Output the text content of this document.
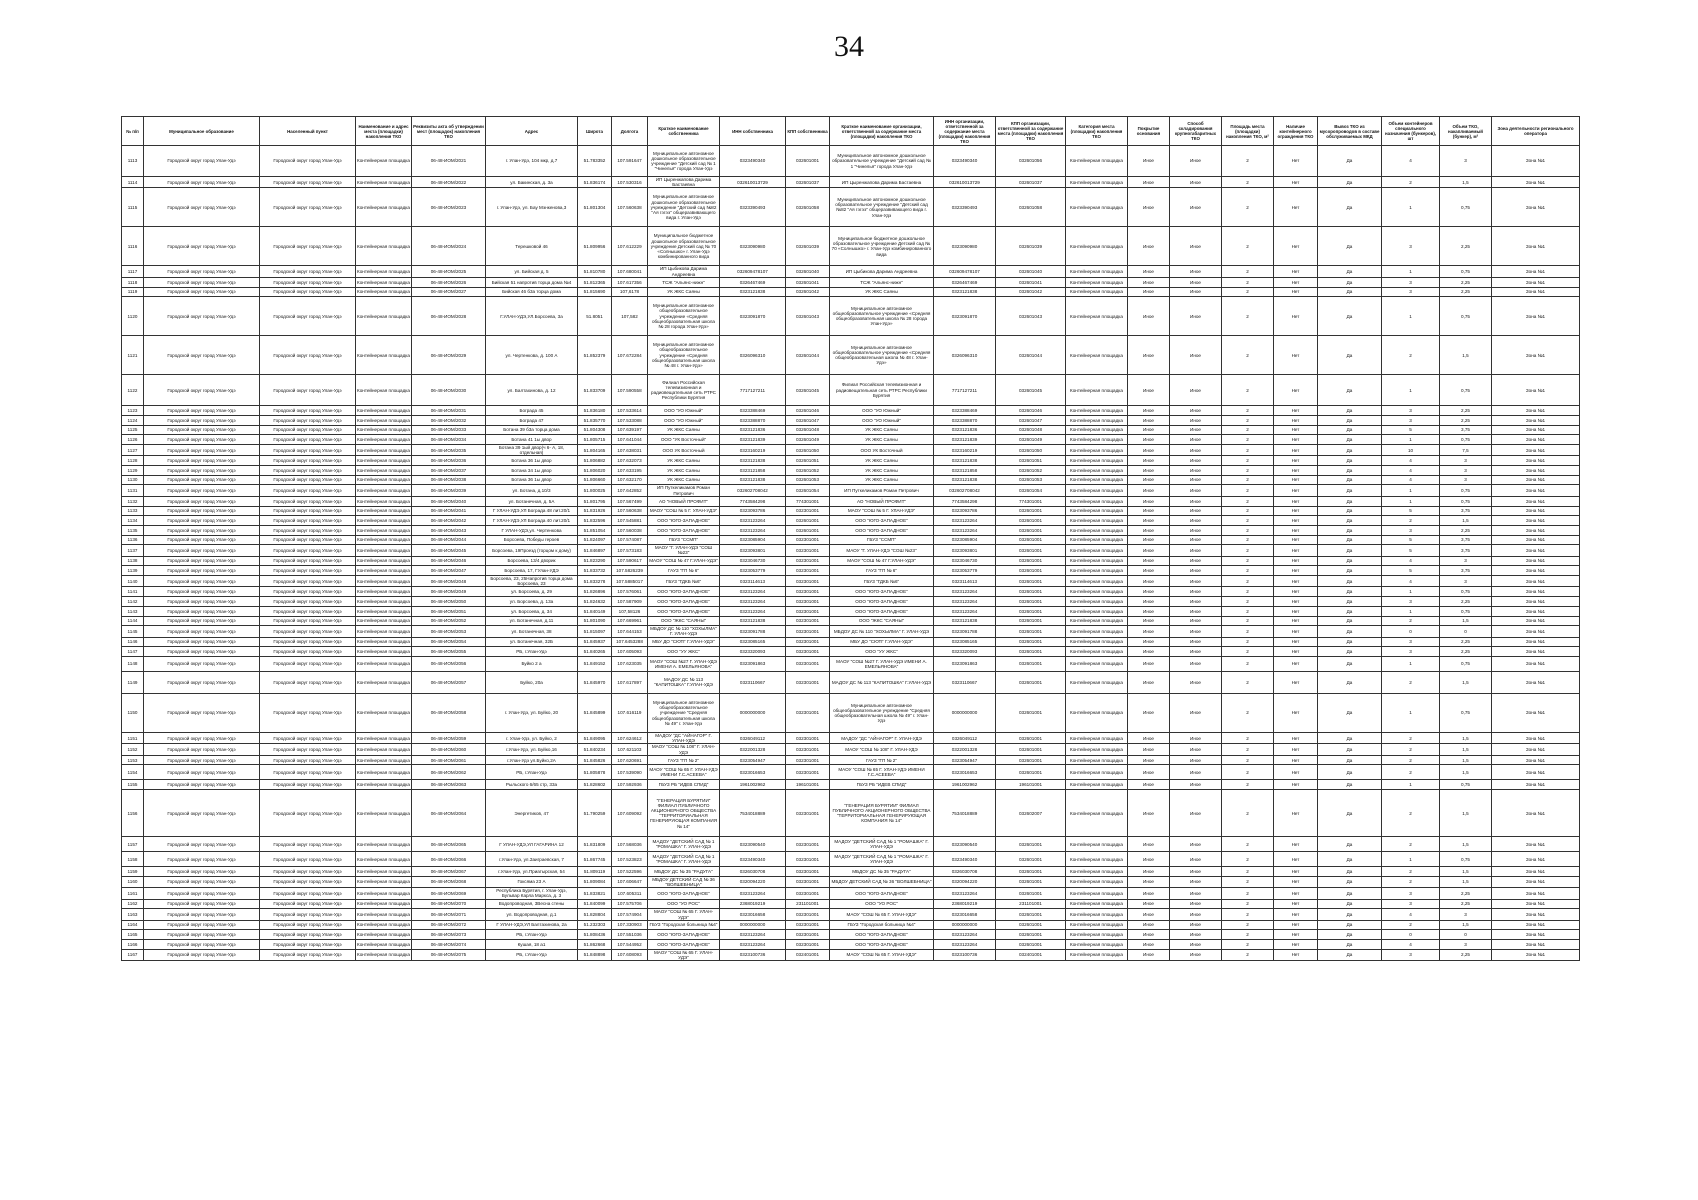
34
№ п/п	Муниципальное образование	Населенный пункт	Наименование и адрес места (площадки) накопления ТКО	Реквизиты акта об утверждении мест (площадок) накопления ТКО	Адрес	Широта	Долгота	Краткое наименование собственника	ИНН собственника	КПП собственника	Краткое наименование организации, ответственной за содержание места (площадки) накопления ТКО	ИНН организации, ответственной за содержание места (площадки) накопления ТКО	КПП организации, ответственной за содержание места (площадки) накопления ТКО	Категория места (площадки) накопления ТКО	Покрытие основания	Способ складирования крупногабаритных ТКО	Площадь места (площадки) накопления ТКО, м²	Наличие контейнерного ограждения ТКО	Вывоз ТКО из мусоропроводов в составе обслуживаемых МКД	Объем контейнеров специального назначения (бункеров), шт	Объем ТКО, накапливаемый (бункер), м³	Зона деятельности регионального оператора
1113	Городской округ город Улан-Удэ	Городской округ город Улан-Удэ	Контейнерная площадка	06-48-ИОМ/2021	г. Улан-Удэ, 104 мкр, д.7	51.783352	107.591647	Муниципальное автономное дошкольное образовательное учреждение "Детский сад № 1 "Чинелья" города Улан-Удэ	0323490340	032601001	Муниципальное автономное дошкольное образовательное учреждение "Детский сад № 1 "Чинелья" города Улан-Удэ	0323490340	032601056	Контейнерная площадка	Иное	Иное	2	Нет	Да	4	3	Зона №1
1114	Городской округ город Улан-Удэ	Городской округ город Улан-Удэ	Контейнерная площадка	06-48-ИОМ/2022	ул. Бакинская, д. 3а	51.836174	107.530316	ИП Цыренжапова Дарима Бастаевна	032610013729	032601037	ИП Цыренжапова Дарима Бастаевна	032610013729	032601037	Контейнерная площадка	Иное	Иное	2	Нет	Да	2	1,5	Зона №1
1115	Городской округ город Улан-Удэ	Городской округ город Улан-Удэ	Контейнерная площадка	06-48-ИОМ/2023	г. Улан-Удэ, ул. Бау Мэнкенова,3	51.801304	107.560638	Муниципальное автономное дошкольное образовательное учреждение "Детский сад №82 "Ая гэгээ" общеразвивающего вида г. Улан-Удэ	0323390493	032601058	Муниципальное автономное дошкольное образовательное учреждение "Детский сад №82 "Ая гэгээ" общеразвивающего вида г. Улан-Удэ	0323390493	032601058	Контейнерная площадка	Иное	Иное	2	Нет	Да	1	0,75	Зона №1
1116	Городской округ город Улан-Удэ	Городской округ город Улан-Удэ	Контейнерная площадка	06-48-ИОМ/2024	Терешковой 46	51.809956	107.612229	Муниципальное бюджетное дошкольное образовательное учреждение Детский сад № 70 «Солнышко» г. Улан-Удэ комбинированного вида	0323090980	032601039	Муниципальное бюджетное дошкольное образовательное учреждение Детский сад № 70 «Солнышко» г. Улан-Удэ комбинированного вида	0323090980	032601039	Контейнерная площадка	Иное	Иное	2	Нет	Да	3	2,25	Зона №1
1117	Городской округ город Улан-Удэ	Городской округ город Улан-Удэ	Контейнерная площадка	06-48-ИОМ/2025	ул. Бийская д. 5	51.810780	107.680041	ИП Цыбикова Дарима Андреевна	032609478107	032601040	ИП Цыбикова Дарима Андреевна	032609478107	032601040	Контейнерная площадка	Иное	Иное	2	Нет	Да	1	0,75	Зона №1
1118	Городской округ город Улан-Удэ	Городской округ город Улан-Удэ	Контейнерная площадка	06-48-ИОМ/2026	Бийская 51 напротив торца дома №4	51.812365	107.617356	ТСЖ "Альянс-нижн"	0326467469	032601041	ТСЖ "Альянс-нижн"	0326467469	032601041	Контейнерная площадка	Иное	Иное	2	Нет	Да	3	2,25	Зона №1
1119	Городской округ город Улан-Удэ	Городской округ город Улан-Удэ	Контейнерная площадка	06-48-ИОМ/2027	Бийская 46 б3а торца дома	51.815690	107,6178	УК ЖКС Саяны	0323121838	032601042	УК ЖКС Саяны	0323121838	032601042	Контейнерная площадка	Иное	Иное	2	Нет	Да	3	2,25	Зона №1
1120	Городской округ город Улан-Удэ	Городской округ город Улан-Удэ	Контейнерная площадка	06-48-ИОМ/2028	Г.УЛАН-УДЭ,УЛ.Борсоева, 3а	51.8051	107,582	Муниципальное автономное общеобразовательное учреждение «Средняя общеобразовательная школа № 28 города Улан-Удэ»	0323091870	032601043	Муниципальное автономное общеобразовательное учреждение «Средняя общеобразовательная школа № 28 города Улан-Удэ»	0323091870	032601043	Контейнерная площадка	Иное	Иное	2	Нет	Да	1	0,75	Зона №1
1121	Городской округ город Улан-Удэ	Городской округ город Улан-Удэ	Контейнерная площадка	06-48-ИОМ/2029	ул. Чертенкова, д. 100 А	51.852379	107.672284	Муниципальное автономное общеобразовательное учреждение «Средняя общеобразовательная школа № 48 г. Улан-Удэ»	0326096310	032601044	Муниципальное автономное общеобразовательное учреждение «Средняя общеобразовательная школа № 48 г. Улан-Удэ»	0326096310	032601044	Контейнерная площадка	Иное	Иное	2	Нет	Да	2	1,5	Зона №1
1122	Городской округ город Улан-Удэ	Городской округ город Улан-Удэ	Контейнерная площадка	06-48-ИОМ/2030	ул. Балтахинова, д. 12	51.833709	107.590558	Филиал Российская телевизионная и радиовещательная сеть РТРС Республики Бурятия	7717127211	032601045	Филиал Российская телевизионная и радиовещательная сеть РТРС Республики Бурятия	7717127211	032601045	Контейнерная площадка	Иное	Иное	2	Нет	Да	1	0,75	Зона №1
1123	Городской округ город Улан-Удэ	Городской округ город Улан-Удэ	Контейнерная площадка	06-48-ИОМ/2031	Бограда 45	51.836180	107.533614	ООО "УО Южный"	0323388469	032601046	ООО "УО Южный"	0323388469	032601046	Контейнерная площадка	Иное	Иное	2	Нет	Да	3	2,25	Зона №1
1124	Городской округ город Улан-Удэ	Городской округ город Улан-Удэ	Контейнерная площадка	06-48-ИОМ/2032	Бограда 47	51.835770	107.533088	ООО "УО Южный"	0323388870	032601047	ООО "УО Южный"	0323388870	032601047	Контейнерная площадка	Иное	Иное	2	Нет	Да	3	2,25	Зона №1
1125	Городской округ город Улан-Удэ	Городской округ город Улан-Удэ	Контейнерная площадка	06-48-ИОМ/2033	Ботана 39 б3а торца дома	51.804308	107.639197	УК ЖКС Саяны	0323121836	032601048	УК ЖКС Саяны	0323121836	032601048	Контейнерная площадка	Иное	Иное	2	Нет	Да	5	3,75	Зона №1
1126	Городской округ город Улан-Удэ	Городской округ город Улан-Удэ	Контейнерная площадка	06-48-ИОМ/2034	Ботана 41 1ы двор	51.805715	107.641044	ООО "УК Восточный"	0323121839	032601049	УК ЖКС Саяны	0323121839	032601049	Контейнерная площадка	Иное	Иное	2	Нет	Да	1	0,75	Зона №1
1127	Городской округ город Улан-Удэ	Городской округ город Улан-Удэ	Контейнерная площадка	06-48-ИОМ/2035	Ботана 39 1ый двор(ч 6- А, 18, отдельная)	51.804165	107.638031	ООО УК Восточный	0323160219	032601050	ООО УК Восточный	0323160219	032601050	Контейнерная площадка	Иное	Иное	2	Нет	Да	10	7,5	Зона №1
1128	Городской округ город Улан-Удэ	Городской округ город Улан-Удэ	Контейнерная площадка	06-48-ИОМ/2036	Ботана 36 1ы двор	51.806882	107.632073	УК ЖКС Саяны	0323121838	032601051	УК ЖКС Саяны	0323121838	032601051	Контейнерная площадка	Иное	Иное	2	Нет	Да	4	3	Зона №1
1129	Городской округ город Улан-Удэ	Городской округ город Улан-Удэ	Контейнерная площадка	06-48-ИОМ/2037	Ботана 34 1ы двор	51.806020	107.633195	УК ЖКС Саяны	0323121858	032601052	УК ЖКС Саяны	0323121858	032601052	Контейнерная площадка	Иное	Иное	2	Нет	Да	4	3	Зона №1
1130	Городской округ город Улан-Удэ	Городской округ город Улан-Удэ	Контейнерная площадка	06-48-ИОМ/2038	Ботана 36 1ы двор	51.806660	107.632170	УК ЖКС Саяны	0323121838	032601053	УК ЖКС Саяны	0323121838	032601053	Контейнерная площадка	Иное	Иное	2	Нет	Да	4	3	Зона №1
1131	Городской округ город Улан-Удэ	Городской округ город Улан-Удэ	Контейнерная площадка	06-48-ИОМ/2039	ул. Ботана, д.10/3	51.800025	107.642852	ИП Путкеликамов Роман Петрович	032602708042	032601054	ИП Путкеликамов Роман Петрович	032602708042	032601054	Контейнерная площадка	Иное	Иное	2	Нет	Да	1	0,75	Зона №1
1132	Городской округ город Улан-Удэ	Городской округ город Улан-Удэ	Контейнерная площадка	06-48-ИОМ/2040	ул. Ботанечная, д. 5А	51.801795	107.567499	АО "НОВЫЙ ПРОФИТ"	7743584298	774301001	АО "НОВЫЙ ПРОФИТ"	7743584298	774301001	Контейнерная площадка	Иное	Иное	2	Нет	Да	1	0,75	Зона №1
1133	Городской округ город Улан-Удэ	Городской округ город Улан-Удэ	Контейнерная площадка	06-48-ИОМ/2041	Г УЛАН-УДЭ,УЛ Бограда 48 лит.20/1	51.831926	107.560638	МАОУ "СОШ № 5 Г. УЛАН-УДЭ"	0323093786	032301001	МАОУ "СОШ № 5 Г. УЛАН-УДЭ"	0323093786	032601001	Контейнерная площадка	Иное	Иное	2	Нет	Да	5	3,75	Зона №1
1134	Городской округ город Улан-Удэ	Городской округ город Улан-Удэ	Контейнерная площадка	06-48-ИОМ/2042	Г УЛАН-УДЭ,УЛ Бограда 40 лит.20/1	51.832596	107.545881	ООО "ЮГО-ЗАПАДНОЕ"	0323123264	032601001	ООО "ЮГО-ЗАПАДНОЕ"	0323123264	032601001	Контейнерная площадка	Иное	Иное	2	Нет	Да	2	1,5	Зона №1
1135	Городской округ город Улан-Удэ	Городской округ город Улан-Удэ	Контейнерная площадка	06-48-ИОМ/2043	Г УЛАН-УДЭ,ул. Чертенкова	51.851054	107.560038	ООО "ЮГО-ЗАПАДНОЕ"	0323123264	032601001	ООО "ЮГО-ЗАПАДНОЕ"	0323123264	032601001	Контейнерная площадка	Иное	Иное	2	Нет	Да	3	2,25	Зона №1
1136	Городской округ город Улан-Удэ	Городской округ город Улан-Удэ	Контейнерная площадка	06-48-ИОМ/2044	Борсоева, Победы героев	51.824097	107.574087	ГБУЗ "ССМП"	0323085904	032301001	ГБУЗ "ССМП"	0323085904	032601001	Контейнерная площадка	Иное	Иное	2	Нет	Да	5	3,75	Зона №1
1137	Городской округ город Улан-Удэ	Городской округ город Улан-Удэ	Контейнерная площадка	06-48-ИОМ/2045	Борсоева, 19Проезд (торцом к дому)	51.846897	107.573183	МАОУ "Г. УЛАН-УДЭ "СОШ №23"	0323093801	032301001	МАОУ "Г. УЛАН-УДЭ "СОШ №23"	0323093801	032601001	Контейнерная площадка	Иное	Иное	2	Нет	Да	5	3,75	Зона №1
1138	Городской округ город Улан-Удэ	Городской округ город Улан-Удэ	Контейнерная площадка	06-48-ИОМ/2046	Борсоева, 13/4 дворик	51.823290	107.590617	МАОУ "СОШ № 47 Г.УЛАН-УДЭ"	0323046730	032301001	МАОУ "СОШ № 47 Г.УЛАН-УДЭ"	0323046730	032601001	Контейнерная площадка	Иное	Иное	2	Нет	Да	4	3	Зона №1
1139	Городской округ город Улан-Удэ	Городской округ город Улан-Удэ	Контейнерная площадка	06-48-ИОМ/2047	Борсоева, 17, ГУлан-УДЭ	51.833732	107.5826239	ГАУЗ "ГП № 6"	0323053779	032301001	ГАУЗ "ГП № 6"	0323053779	032601001	Контейнерная площадка	Иное	Иное	2	Нет	Да	5	3,75	Зона №1
1140	Городской округ город Улан-Удэ	Городской округ город Улан-Удэ	Контейнерная площадка	06-48-ИОМ/2048	Борсоева, 23, 25Напротив торца дома Борсоева, 23	51.833278	107.5885017	ГБУЗ "ГДКБ №6"	0323114613	032301001	ГБУЗ "ГДКБ №6"	0323114613	032601001	Контейнерная площадка	Иное	Иное	2	Нет	Да	4	3	Зона №1
1141	Городской округ город Улан-Удэ	Городской округ город Улан-Удэ	Контейнерная площадка	06-48-ИОМ/2049	ул. Борсоева, д. 29	51.826896	107.576061	ООО "ЮГО-ЗАПАДНОЕ"	0323123264	032301001	ООО "ЮГО-ЗАПАДНОЕ"	0323123264	032601001	Контейнерная площадка	Иное	Иное	2	Нет	Да	1	0,75	Зона №1
1142	Городской округ город Улан-Удэ	Городской округ город Улан-Удэ	Контейнерная площадка	06-48-ИОМ/2050	ул. Борсоева, д. 13а	51.824632	107.587909	ООО "ЮГО-ЗАПАДНОЕ"	0323123264	032301001	ООО "ЮГО-ЗАПАДНОЕ"	0323123264	032601001	Контейнерная площадка	Иное	Иное	2	Нет	Да	3	2,25	Зона №1
1143	Городской округ город Улан-Удэ	Городской округ город Улан-Удэ	Контейнерная площадка	06-48-ИОМ/2051	ул. Борсоева, д. 34	51.840149	107,58126	ООО "ЮГО-ЗАПАДНОЕ"	0323123264	032301001	ООО "ЮГО-ЗАПАДНОЕ"	0323123264	032601001	Контейнерная площадка	Иное	Иное	2	Нет	Да	1	0,75	Зона №1
1144	Городской округ город Улан-Удэ	Городской округ город Улан-Удэ	Контейнерная площадка	06-48-ИОМ/2052	ул. Ботанечная, д.11	51.801090	107.669961	ООО "ЖКС "САЯНЫ"	0323121838	032301001	ООО "ЖКС "САЯНЫ"	0323121838	032601001	Контейнерная площадка	Иное	Иное	2	Нет	Да	2	1,5	Зона №1
1145	Городской округ город Улан-Удэ	Городской округ город Улан-Удэ	Контейнерная площадка	06-48-ИОМ/2053	ул. Ботанечная, 38	51.815097	107.644153	МБДОУ ДС № 110 "ХОХЫЛМА" Г. УЛАН-УДЭ	0323091788	032301001	МБДОУ ДС № 110 "ХОХЫЛМА" Г. УЛАН-УДЭ	0323091788	032601001	Контейнерная площадка	Иное	Иное	2	Нет	Да	0	0	Зона №1
1146	Городской округ город Улан-Удэ	Городской округ город Улан-Удэ	Контейнерная площадка	06-48-ИОМ/2054	ул. Ботанечная, 32Б	51.845937	107.6453288	МБУ ДО "СЮТГ Г.УЛАН-УДЭ"	0323085165	032301001	МБУ ДО "СЮТГ Г.УЛАН-УДЭ"	0323085165	032601001	Контейнерная площадка	Иное	Иное	2	Нет	Да	3	2,25	Зона №1
1147	Городской округ город Улан-Удэ	Городской округ город Улан-Удэ	Контейнерная площадка	06-48-ИОМ/2055	РБ, г.Улан-Удэ	51.840265	107.605093	ООО "УУ ЖКС"	0323320093	032301001	ООО "УУ ЖКС"	0323320093	032601001	Контейнерная площадка	Иное	Иное	2	Нет	Да	3	2,25	Зона №1
1148	Городской округ город Улан-Удэ	Городской округ город Улан-Удэ	Контейнерная площадка	06-48-ИОМ/2056	Буйко 2 а	51.849152	107.623035	МАОУ "СОШ №27 Г. УЛАН-УДЭ ИМЕНИ А. ЕМЕЛЬЯНОВА"	0323091863	032301001	МАОУ "СОШ №27 Г. УЛАН-УДЭ ИМЕНИ А. ЕМЕЛЬЯНОВА"	0323091863	032601001	Контейнерная площадка	Иное	Иное	2	Нет	Да	1	0,75	Зона №1
1149	Городской округ город Улан-Удэ	Городской округ город Улан-Удэ	Контейнерная площадка	06-48-ИОМ/2057	Буйко, 20а	51.845970	107.617897	МАДОУ ДС № 113 "КАПИТОШКА" Г.УЛАН-УДЭ	0323110667	032301001	МАДОУ ДС № 113 "КАПИТОШКА" Г.УЛАН-УДЭ	0323110667	032601001	Контейнерная площадка	Иное	Иное	2	Нет	Да	2	1,5	Зона №1
1150	Городской округ город Улан-Удэ	Городской округ город Улан-Удэ	Контейнерная площадка	06-48-ИОМ/2058	г. Улан-Удэ, ул. Буйко, 20	51.845899	107.616119	Муниципальное автономное общеобразовательное учреждение "Средняя общеобразовательная школа № 49" г. Улан-Удэ	0000000000	032301001	Муниципальное автономное общеобразовательное учреждение "Средняя общеобразовательная школа № 49" г. Улан-Удэ	0000000000	032601001	Контейнерная площадка	Иное	Иное	2	Нет	Да	1	0,75	Зона №1
1151	Городской округ город Улан-Удэ	Городской округ город Улан-Удэ	Контейнерная площадка	06-48-ИОМ/2059	г. Улан-Удэ, ул. Буйко, 2	51.849095	107.624612	МАДОУ "ДС "АЙНАГОР" Г. УЛАН-УДЭ	0326049112	032301001	МАДОУ "ДС "АЙНАГОР" Г. УЛАН-УДЭ	0326049112	032601001	Контейнерная площадка	Иное	Иное	2	Нет	Да	2	1,5	Зона №1
1152	Городской округ город Улан-Удэ	Городской округ город Улан-Удэ	Контейнерная площадка	06-48-ИОМ/2060	г.Улан-Удэ, ул. Буйко,16	51.840234	107.621103	МАОУ "СОШ № 108" Г. УЛАН-УДЭ	0322001328	032301001	МАОУ "СОШ № 108" Г. УЛАН-УДЭ	0322001328	032601001	Контейнерная площадка	Иное	Иное	2	Нет	Да	2	1,5	Зона №1
1153	Городской округ город Улан-Удэ	Городской округ город Улан-Удэ	Контейнерная площадка	06-48-ИОМ/2061	г.Улан-Удэ ул.Буйко,2А	51.845826	107.620691	ГАУЗ "ГП № 2"	0323054947	032301001	ГАУЗ "ГП № 2"	0323054947	032601001	Контейнерная площадка	Иное	Иное	2	Нет	Да	2	1,5	Зона №1
1154	Городской округ город Улан-Удэ	Городской округ город Улан-Удэ	Контейнерная площадка	06-48-ИОМ/2062	РБ, г.Улан-Удэ	51.805878	107.539090	МАОУ "СОШ № 65 Г. УЛАН-УДЭ ИМЕНИ Г.С.АСЕЕВА"	0323016653	032301001	МАОУ "СОШ № 65 Г. УЛАН-УДЭ ИМЕНИ Г.С.АСЕЕВА"	0323016653	032601001	Контейнерная площадка	Иное	Иное	2	Нет	Да	2	1,5	Зона №1
1155	Городской округ город Улан-Удэ	Городской округ город Улан-Удэ	Контейнерная площадка	06-48-ИОМ/2063	Рыльского 6/65 стр, 33а	51.828602	107.592936	ГБУЗ РБ "ИДЕВ СПИД"	1961002962	196101001	ГБУЗ РБ "ИДЕВ СПИД"	1961002962	196101001	Контейнерная площадка	Иное	Иное	2	Нет	Да	1	0,75	Зона №1
1156	Городской округ город Улан-Удэ	Городской округ город Улан-Удэ	Контейнерная площадка	06-48-ИОМ/2064	Энергетиков, 47	51.790259	107.609092	"ГЕНЕРАЦИЯ БУРЯТИИ" ФИЛИАЛ ПУБЛИЧНОГО АКЦИОНЕРНОГО ОБЩЕСТВА "ТЕРРИТОРИАЛЬНАЯ ГЕНЕРИРУЮЩАЯ КОМПАНИЯ № 14"	7534018889	032301001	"ГЕНЕРАЦИЯ БУРЯТИИ" ФИЛИАЛ ПУБЛИЧНОГО АКЦИОНЕРНОГО ОБЩЕСТВА "ТЕРРИТОРИАЛЬНАЯ ГЕНЕРИРУЮЩАЯ КОМПАНИЯ № 14"	7534018889	032602007	Контейнерная площадка	Иное	Иное	2	Нет	Да	2	1,5	Зона №1
1157	Городской округ город Улан-Удэ	Городской округ город Улан-Удэ	Контейнерная площадка	06-48-ИОМ/2065	Г УЛАН-УДЭ,УЛ ГАГАРИНА 12	51.831809	107.568036	МАДОУ "ДЕТСКИЙ САД № 1 "РОМАШКА" Г. УЛАН-УДЭ	0323090540	032301001	МАДОУ "ДЕТСКИЙ САД № 1 "РОМАШКА" Г. УЛАН-УДЭ	0323090540	032601001	Контейнерная площадка	Иное	Иное	2	Нет	Да	2	1,5	Зона №1
1158	Городской округ город Улан-Удэ	Городской округ город Улан-Удэ	Контейнерная площадка	06-48-ИОМ/2066	г.Улан-Удэ, ул.Заиграевская, 7	51.867745	107.523823	МАДОУ "ДЕТСКИЙ САД № 1 "РОМАШКА" Г. УЛАН-УДЭ	0323490340	032301001	МАДОУ "ДЕТСКИЙ САД № 1 "РОМАШКА" Г. УЛАН-УДЭ	0323490340	032601001	Контейнерная площадка	Иное	Иное	2	Нет	Да	1	0,75	Зона №1
1159	Городской округ город Улан-Удэ	Городской округ город Улан-Удэ	Контейнерная площадка	06-48-ИОМ/2067	г.Улан-Удэ, ул.Приатырская, 54	51.809119	107.522596	МБДОУ ДС № 35 "РАДУГА"	0326030708	032301001	МБДОУ ДС № 35 "РАДУГА"	0326030708	032601001	Контейнерная площадка	Иное	Иное	2	Нет	Да	2	1,5	Зона №1
1160	Городской округ город Улан-Удэ	Городской округ город Улан-Удэ	Контейнерная площадка	06-48-ИОМ/2068	Гоксяма 23 А	51.809084	107.606647	МБДОУ ДЕТСКИЙ САД № 36 "ВОЛШЕБНИЦА"	0320094220	032301001	МБДОУ ДЕТСКИЙ САД № 36 "ВОЛШЕБНИЦА"	0320094220	032601001	Контейнерная площадка	Иное	Иное	2	Нет	Да	2	1,5	Зона №1
1161	Городской округ город Улан-Удэ	Городской округ город Улан-Удэ	Контейнерная площадка	06-48-ИОМ/2069	Республика Бурятия, г. Улан-Удэ, Бульвар Карла Маркса, д. 3	51.833821	107.605311	ООО "ЮГО-ЗАПАДНОЕ"	0323123264	032301001	ООО "ЮГО-ЗАПАДНОЕ"	0323123264	032601001	Контейнерная площадка	Иное	Иное	2	Нет	Да	3	2,25	Зона №1
1162	Городской округ город Улан-Удэ	Городской округ город Улан-Удэ	Контейнерная площадка	06-48-ИОМ/2070	Водопроводная, 3Весна стены	51.840099	107.575706	ООО "УО РОС"	2368019219	231101001	ООО "УО РОС"	2368019219	231101001	Контейнерная площадка	Иное	Иное	2	Нет	Да	3	2,25	Зона №1
1163	Городской округ город Улан-Удэ	Городской округ город Улан-Удэ	Контейнерная площадка	06-48-ИОМ/2071	ул. Водопроводная, д.1	51.828804	107.574904	МАОУ "СОШ № 65 Г. УЛАН-УДЭ"	0323016658	032301001	МАОУ "СОШ № 65 Г. УЛАН-УДЭ"	0323016658	032601001	Контейнерная площадка	Иное	Иное	2	Нет	Да	4	3	Зона №1
1164	Городской округ город Улан-Удэ	Городской округ город Улан-Удэ	Контейнерная площадка	06-48-ИОМ/2072	Г УЛАН-УДЭ,УЛ Балтахинова, 2а	51.232303	107.330903	ГБУЗ "Городская больница №4"	0000000000	032301001	ГБУЗ "Городская больница №4"	0000000000	032601001	Контейнерная площадка	Иное	Иное	2	Нет	Да	2	1,5	Зона №1
1165	Городской округ город Улан-Удэ	Городской округ город Улан-Удэ	Контейнерная площадка	06-48-ИОМ/2073	РБ, г.Улан-Удэ	51.808436	107.551036	ООО "ЮГО-ЗАПАДНОЕ"	0323123264	032301001	ООО "ЮГО-ЗАПАДНОЕ"	0323123264	032601001	Контейнерная площадка	Иное	Иное	2	Нет	Да	0	0	Зона №1
1166	Городской округ город Улан-Удэ	Городской округ город Улан-Удэ	Контейнерная площадка	06-48-ИОМ/2074	Кушая, 18 а1	51.862668	107.544952	ООО "ЮГО-ЗАПАДНОЕ"	0323123264	032301001	ООО "ЮГО-ЗАПАДНОЕ"	0323123264	032601001	Контейнерная площадка	Иное	Иное	2	Нет	Да	4	3	Зона №1
1167	Городской округ город Улан-Удэ	Городской округ город Улан-Удэ	Контейнерная площадка	06-48-ИОМ/2075	РБ, г.Улан-Удэ	51.848898	107.608093	МАОУ "СОШ № 65 Г. УЛАН-УДЭ"	0323100736	032401001	МАОУ "СОШ № 65 Г. УЛАН-УДЭ"	0323100736	032401001	Контейнерная площадка	Иное	Иное	2	Нет	Да	3	2,25	Зона №1
